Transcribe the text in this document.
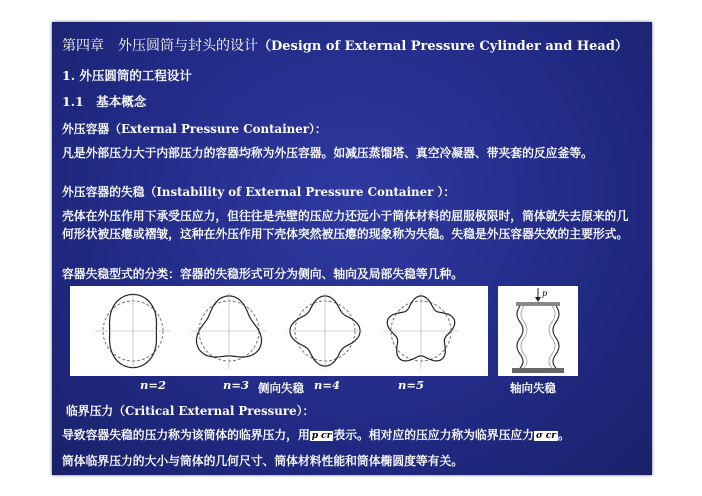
第四章　外压圆筒与封头的设计（Design of External Pressure Cylinder and Head）
1. 外压圆筒的工程设计
1.1　基本概念
外压容器（External Pressure Container）：
凡是外部压力大于内部压力的容器均称为外压容器。如减压蒸馏塔、真空冷凝器、带夹套的反应釜等。
外压容器的失稳（Instability of External Pressure Container ）：
壳体在外压作用下承受压应力，但往往是壳壁的压应力还远小于筒体材料的屈服极限时，筒体就失去原来的几何形状被压瘪或褶皱，这种在外压作用下壳体突然被压瘪的现象称为失稳。失稳是外压容器失效的主要形式。
容器失稳型式的分类：容器的失稳形式可分为侧向、轴向及局部失稳等几种。
p
n=2	n=3 侧向失稳 n=4	n=5	轴向失稳
临界压力（Critical External Pressure）：
导致容器失稳的压力称为该筒体的临界压力，用 p cr 表示。相对应的压应力称为临界压应力 σ cr 。
筒体临界压力的大小与筒体的几何尺寸、筒体材料性能和筒体椭圆度等有关。
